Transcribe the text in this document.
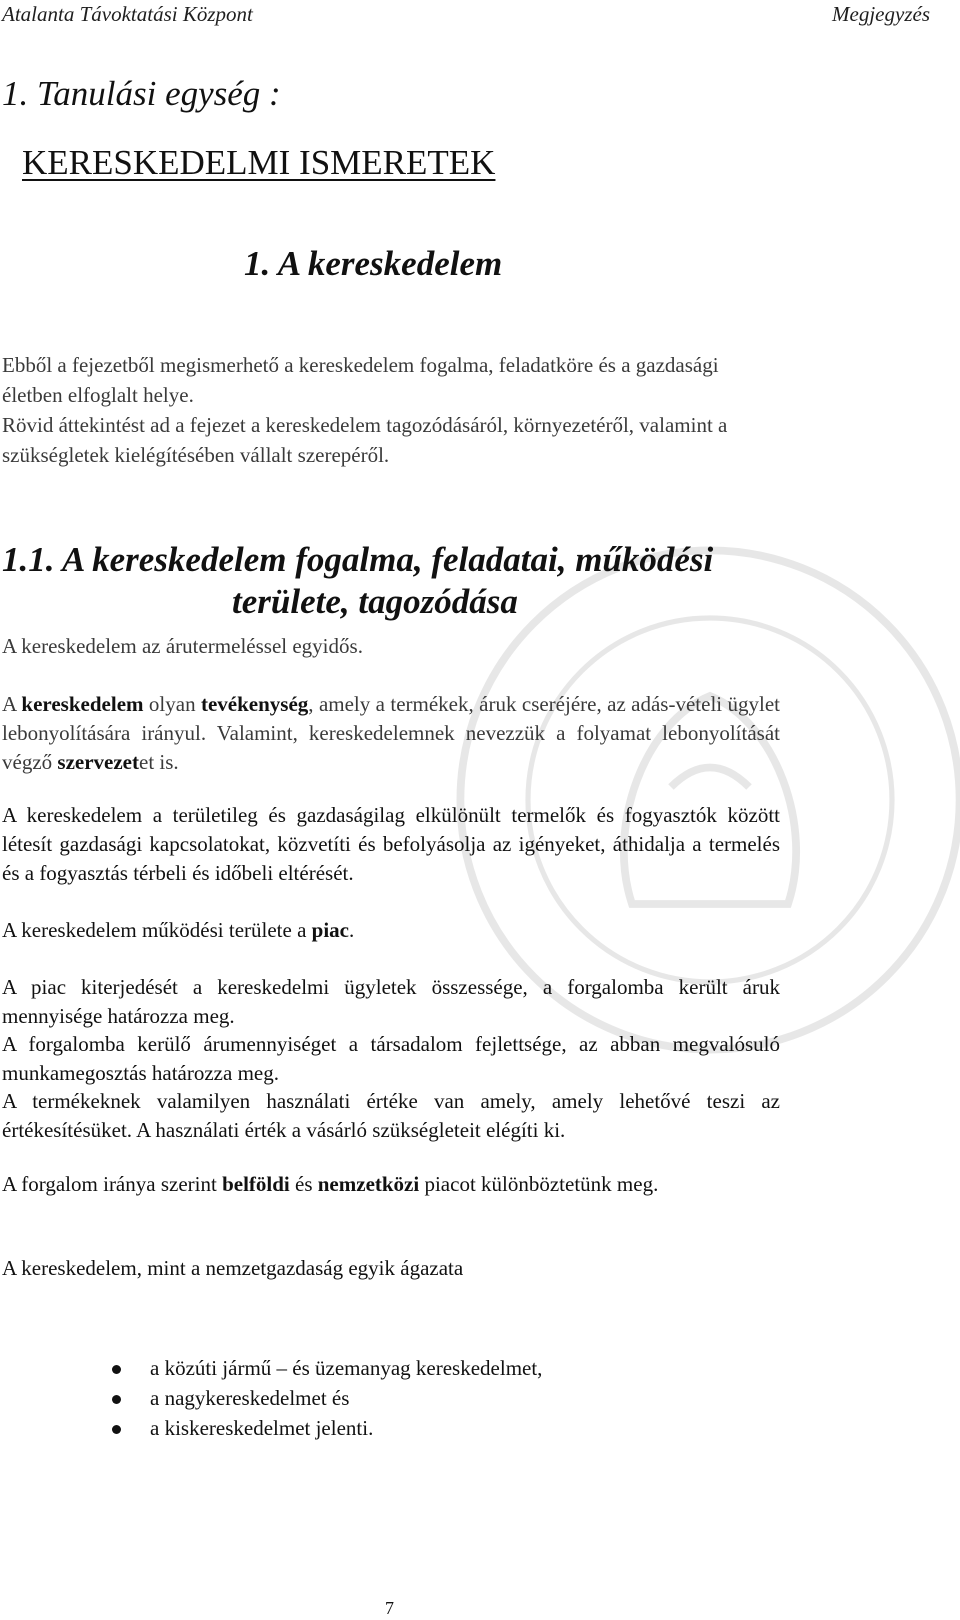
Atalanta Távoktatási Központ	Megjegyzés
1. Tanulási egység :
KERESKEDELMI ISMERETEK
1. A kereskedelem

Ebből a fejezetből megismerhető a kereskedelem fogalma, feladatköre és a gazdasági életben elfoglalt helye.

Rövid áttekintést ad a fejezet a kereskedelem tagozódásáról, környezetéről, valamint a szükségletek kielégítésében vállalt szerepéről.

1.1. A kereskedelem fogalma, feladatai, működési
területe, tagozódása

A kereskedelem az árutermeléssel egyidős.

A kereskedelem olyan tevékenység, amely a termékek, áruk cseréjére, az adás-vételi ügylet lebonyolítására irányul. Valamint, kereskedelemnek nevezzük a folyamat lebonyolítását végző szervezetet is.

A kereskedelem a területileg és gazdaságilag elkülönült termelők és fogyasztók között létesít gazdasági kapcsolatokat, közvetíti és befolyásolja az igényeket, áthidalja a termelés és a fogyasztás térbeli és időbeli eltérését.

A kereskedelem működési területe a piac.

A piac kiterjedését a kereskedelmi ügyletek összessége, a forgalomba került áruk mennyisége határozza meg.

A forgalomba kerülő árumennyiséget a társadalom fejlettsége, az abban megvalósuló munkamegosztás határozza meg.

A termékeknek valamilyen használati értéke van amely, amely lehetővé teszi az értékesítésüket. A használati érték a vásárló szükségleteit elégíti ki.

A forgalom iránya szerint belföldi és nemzetközi piacot különböztetünk meg.

A kereskedelem, mint a nemzetgazdaság egyik ágazata

a közúti jármű – és üzemanyag kereskedelmet,
a nagykereskedelmet és
a kiskereskedelmet jelenti.
7
